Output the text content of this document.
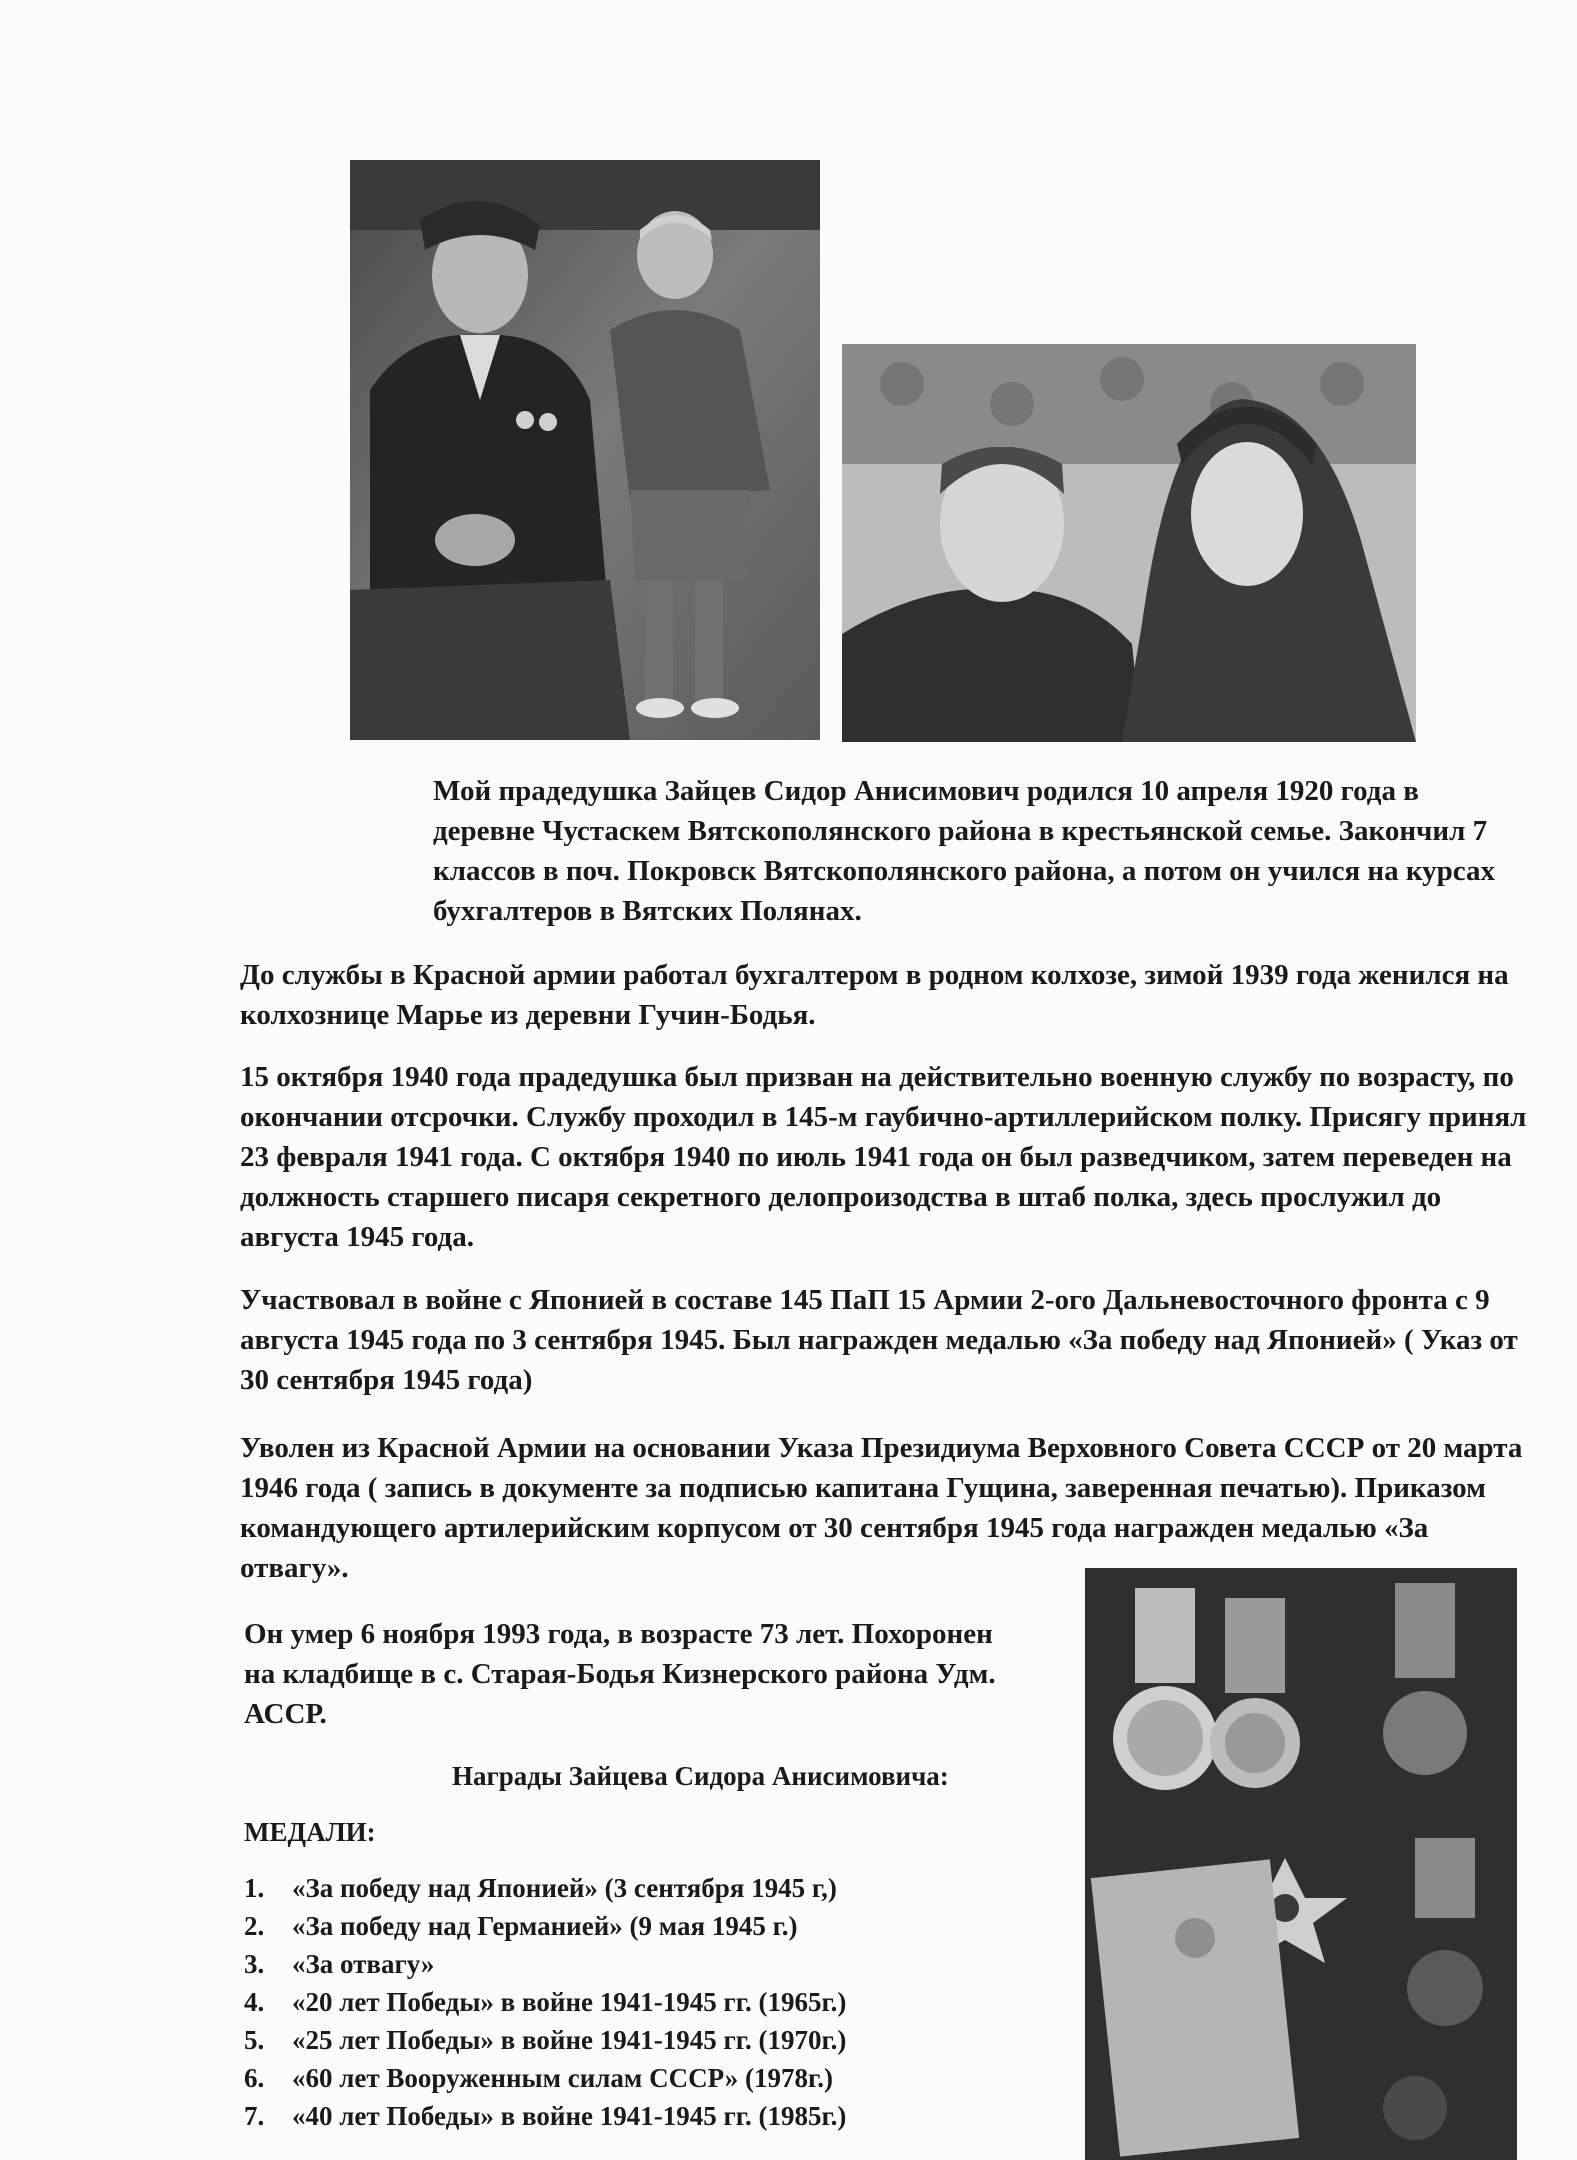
Мой прадедушка Зайцев Сидор Анисимович родился 10 апреля 1920 года в деревне Чустаскем Вятскополянского района в крестьянской семье. Закончил 7 классов в поч. Покровск Вятскополянского района, а потом он учился на курсах бухгалтеров в Вятских Полянах.

До службы в Красной армии работал бухгалтером в родном колхозе, зимой 1939 года женился на колхознице Марье из деревни Гучин-Бодья.

15 октября 1940 года прадедушка был призван на действительно военную службу по возрасту, по окончании отсрочки. Службу проходил в 145-м гаубично-артиллерийском полку. Присягу принял 23 февраля 1941 года. С октября 1940 по июль 1941 года он был разведчиком, затем переведен на должность старшего писаря секретного делопроизодства в штаб полка, здесь прослужил до августа 1945 года.

Участвовал в войне с Японией в составе 145 ПаП 15 Армии 2-ого Дальневосточного фронта с 9 августа 1945 года по 3 сентября 1945. Был награжден медалью «За победу над Японией» ( Указ от 30 сентября 1945 года)

Уволен из Красной Армии на основании Указа Президиума Верховного Совета СССР от 20 марта 1946 года ( запись в документе за подписью капитана Гущина, заверенная печатью). Приказом командующего артилерийским корпусом от 30 сентября 1945 года награжден медалью «За отвагу».

Он умер 6 ноября 1993 года, в возрасте 73 лет. Похоронен на кладбище в с. Старая-Бодья Кизнерского района Удм. АССР.

Награды Зайцева Сидора Анисимовича:

МЕДАЛИ:

1.	«За победу над Японией» (3 сентября 1945 г,)
2.	«За победу над Германией» (9 мая 1945 г.)
3.	«За отвагу»
4.	«20 лет Победы» в войне 1941-1945 гг. (1965г.)
5.	«25 лет Победы» в войне 1941-1945 гг. (1970г.)
6.	«60 лет Вооруженным силам СССР» (1978г.)
7.	«40 лет Победы» в войне 1941-1945 гг. (1985г.)
